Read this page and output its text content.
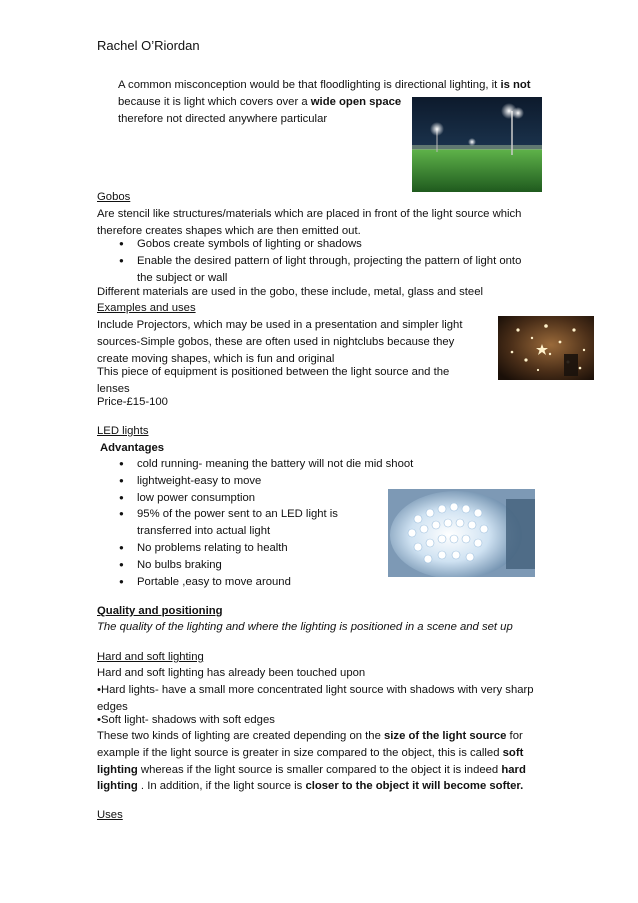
Rachel O’Riordan
A common misconception would be that floodlighting is directional lighting, it is not
because it is light which covers over a wide open space therefore not directed anywhere particular
Gobos
Are stencil like structures/materials which are placed in front of the light source which therefore creates shapes which are then emitted out.
● Gobos create symbols of lighting or shadows
● Enable the desired pattern of light through, projecting the pattern of light onto the subject or wall
Different materials are used in the gobo, these include, metal, glass and steel
Examples and uses
Include Projectors, which may be used in a presentation and simpler light sources-Simple gobos, these are often used in nightclubs because they create moving shapes, which is fun and original
This piece of equipment is positioned between the light source and the lenses
Price-£15-100
LED lights
Advantages
● cold running- meaning the battery will not die mid shoot
● lightweight-easy to move
● low power consumption
● 95% of the power sent to an LED light is transferred into actual light
● No problems relating to health
● No bulbs braking
● Portable ,easy to move around
Quality and positioning
The quality of the lighting and where the lighting is positioned in a scene and set up
Hard and soft lighting
Hard and soft lighting has already been touched upon
•Hard lights- have a small more concentrated light source with shadows with very sharp edges
•Soft light- shadows with soft edges
These two kinds of lighting are created depending on the size of the light source for example if the light source is greater in size compared to the object, this is called soft lighting whereas if the light source is smaller compared to the object it is indeed hard lighting . In addition, if the light source is closer to the object it will become softer.
Uses
